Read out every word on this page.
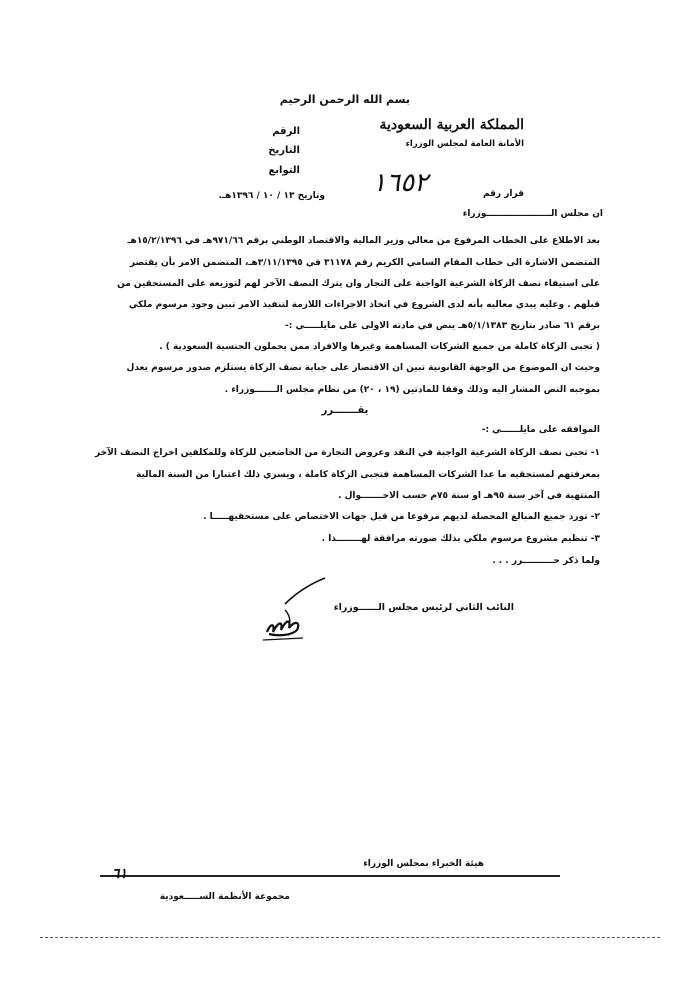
بسم الله الرحمن الرحيم
المملكة العربية السعودية
الأمانة العامة لمجلس الوزراء
الرقم
التاريخ
التوابع
قرار رقم
١٦٥٢
وتاريخ ١٣ / ١٠ / ١٣٩٦هـ.
ان مجلس الـــــــــــــــــــــوزراء
بعد الاطلاع على الخطاب المرفوع من معالي وزير المالية والاقتصاد الوطني برقم ٩٧١/٦٦هـ في ١٥/٢/١٣٩٦هـ
المتضمن الاشارة الى خطاب المقام السامي الكريم رقم ٣١١٧٨ في ٣/١١/١٣٩٥هـ، المتضمن الامر بأن يقتصر
على استيفاء نصف الزكاة الشرعية الواجبة على التجار وان يترك النصف الآخر لهم لتوزيعه على المستحقين من
قبلهم . وعليه يبدي معاليه بأنه لدى الشروع في اتخاذ الاجراءات اللازمة لتنفيذ الامر تبين وجود مرسوم ملكي
برقم ٦١ صادر بتاريخ ٥/١/١٣٨٣هـ ينص في مادته الاولى على مايلـــــي :-
( تجبى الزكاة كاملة من جميع الشركات المساهمة وغيرها والافراد ممن يحملون الجنسية السعودية ) .
وحيث ان الموضوع من الوجهة القانونية تبين ان الاقتصار على جباية نصف الزكاة يستلزم صدور مرسوم يعدل
بموجبه النص المشار اليه وذلك وفقا للمادتين (١٩ ، ٢٠) من نظام مجلس الـــــــوزراء .
يقـــــــرر
الموافقه على مايلــــــي :-
١- تجبى نصف الزكاة الشرعية الواجبة في النقد وعروض التجارة من الخاضعين للزكاة وللمكلفين اخراج النصف الآخر
بمعرفتهم لمستحقيه ما عدا الشركات المساهمة فتجبى الزكاة كاملة ، ويسري ذلك اعتبارا من السنة المالية
المنتهية في آخر سنة ٩٥هـ او سنة ٧٥م حسب الاحـــــــوال .
٢- تورد جميع المبالغ المحصلة لديهم مرفوعا من قبل جهات الاختصاص على مستحقيهـــــا .
٣- تنظيم مشروع مرسوم ملكي بذلك صورته مرافقة لهــــــــذا .
ولما ذكر حــــــــــرر . . .
النائب الثاني لرئيس مجلس الــــــوزراء
هيئة الخبراء بمجلس الوزراء
٦١
مجموعة الأنظمة الســـــعودية
